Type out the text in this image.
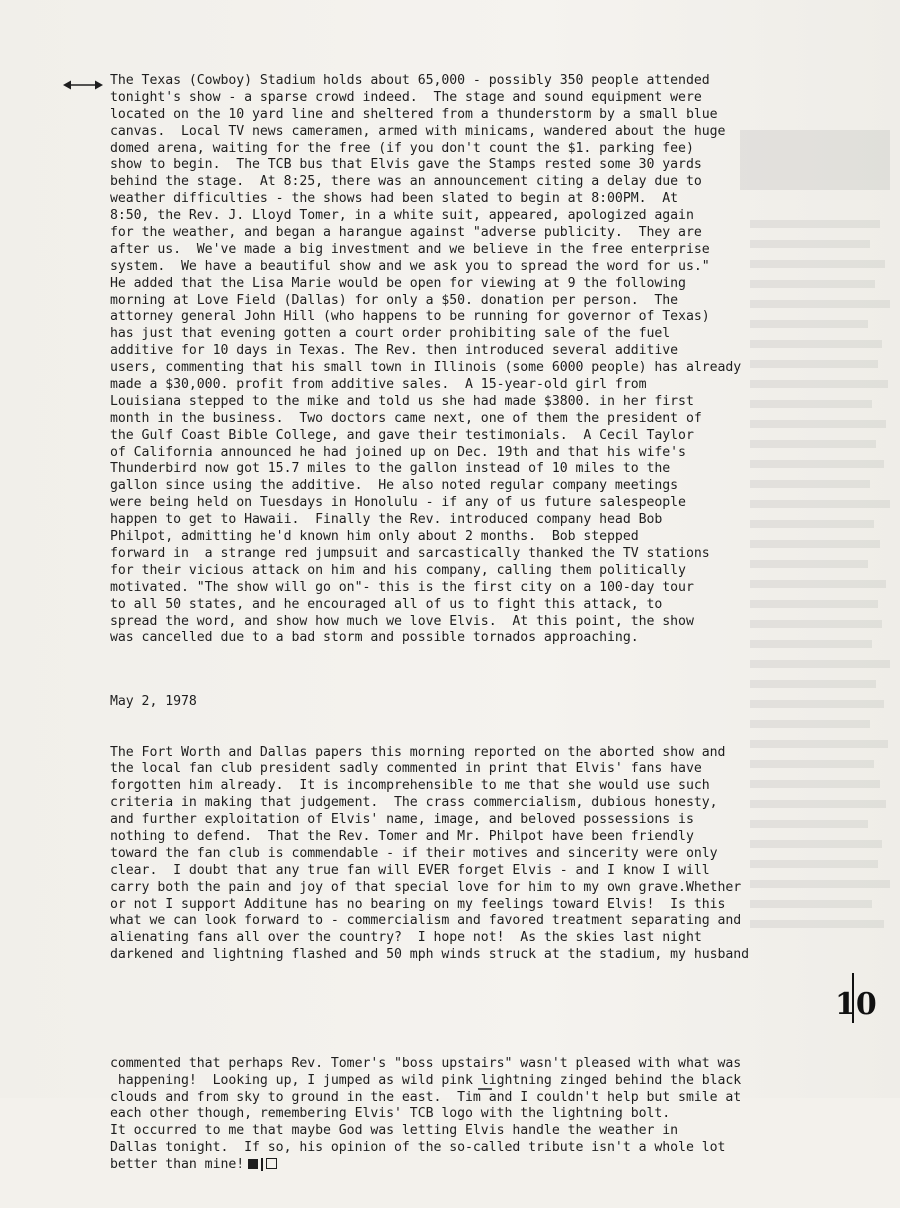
The Texas (Cowboy) Stadium holds about 65,000 - possibly 350 people attended
tonight's show - a sparse crowd indeed.  The stage and sound equipment were
located on the 10 yard line and sheltered from a thunderstorm by a small blue
canvas.  Local TV news cameramen, armed with minicams, wandered about the huge
domed arena, waiting for the free (if you don't count the $1. parking fee)
show to begin.  The TCB bus that Elvis gave the Stamps rested some 30 yards
behind the stage.  At 8:25, there was an announcement citing a delay due to
weather difficulties - the shows had been slated to begin at 8:00PM.  At
8:50, the Rev. J. Lloyd Tomer, in a white suit, appeared, apologized again
for the weather, and began a harangue against "adverse publicity.  They are
after us.  We've made a big investment and we believe in the free enterprise
system.  We have a beautiful show and we ask you to spread the word for us."
He added that the Lisa Marie would be open for viewing at 9 the following
morning at Love Field (Dallas) for only a $50. donation per person.  The
attorney general John Hill (who happens to be running for governor of Texas)
has just that evening gotten a court order prohibiting sale of the fuel
additive for 10 days in Texas. The Rev. then introduced several additive
users, commenting that his small town in Illinois (some 6000 people) has already
made a $30,000. profit from additive sales.  A 15-year-old girl from
Louisiana stepped to the mike and told us she had made $3800. in her first
month in the business.  Two doctors came next, one of them the president of
the Gulf Coast Bible College, and gave their testimonials.  A Cecil Taylor
of California announced he had joined up on Dec. 19th and that his wife's
Thunderbird now got 15.7 miles to the gallon instead of 10 miles to the
gallon since using the additive.  He also noted regular company meetings
were being held on Tuesdays in Honolulu - if any of us future salespeople
happen to get to Hawaii.  Finally the Rev. introduced company head Bob
Philpot, admitting he'd known him only about 2 months.  Bob stepped
forward in  a strange red jumpsuit and sarcastically thanked the TV stations
for their vicious attack on him and his company, calling them politically
motivated. "The show will go on"- this is the first city on a 100-day tour
to all 50 states, and he encouraged all of us to fight this attack, to
spread the word, and show how much we love Elvis.  At this point, the show
was cancelled due to a bad storm and possible tornados approaching.

May 2, 1978

The Fort Worth and Dallas papers this morning reported on the aborted show and
the local fan club president sadly commented in print that Elvis' fans have
forgotten him already.  It is incomprehensible to me that she would use such
criteria in making that judgement.  The crass commercialism, dubious honesty,
and further exploitation of Elvis' name, image, and beloved possessions is
nothing to defend.  That the Rev. Tomer and Mr. Philpot have been friendly
toward the fan club is commendable - if their motives and sincerity were only
clear.  I doubt that any true fan will EVER forget Elvis - and I know I will
carry both the pain and joy of that special love for him to my own grave.Whether
or not I support Additune has no bearing on my feelings toward Elvis!  Is this
what we can look forward to - commercialism and favored treatment separating and
alienating fans all over the country?  I hope not!  As the skies last night
darkened and lightning flashed and 50 mph winds struck at the stadium, my husband

commented that perhaps Rev. Tomer's "boss upstairs" wasn't pleased with what was
happening!  Looking up, I jumped as wild pink lightning zinged behind the black
clouds and from sky to ground in the east.  Tim and I couldn't help but smile at
each other though, remembering Elvis' TCB logo with the lightning bolt.
It occurred to me that maybe God was letting Elvis handle the weather in
Dallas tonight.  If so, his opinion of the so-called tribute isn't a whole lot
better than mine!

10
